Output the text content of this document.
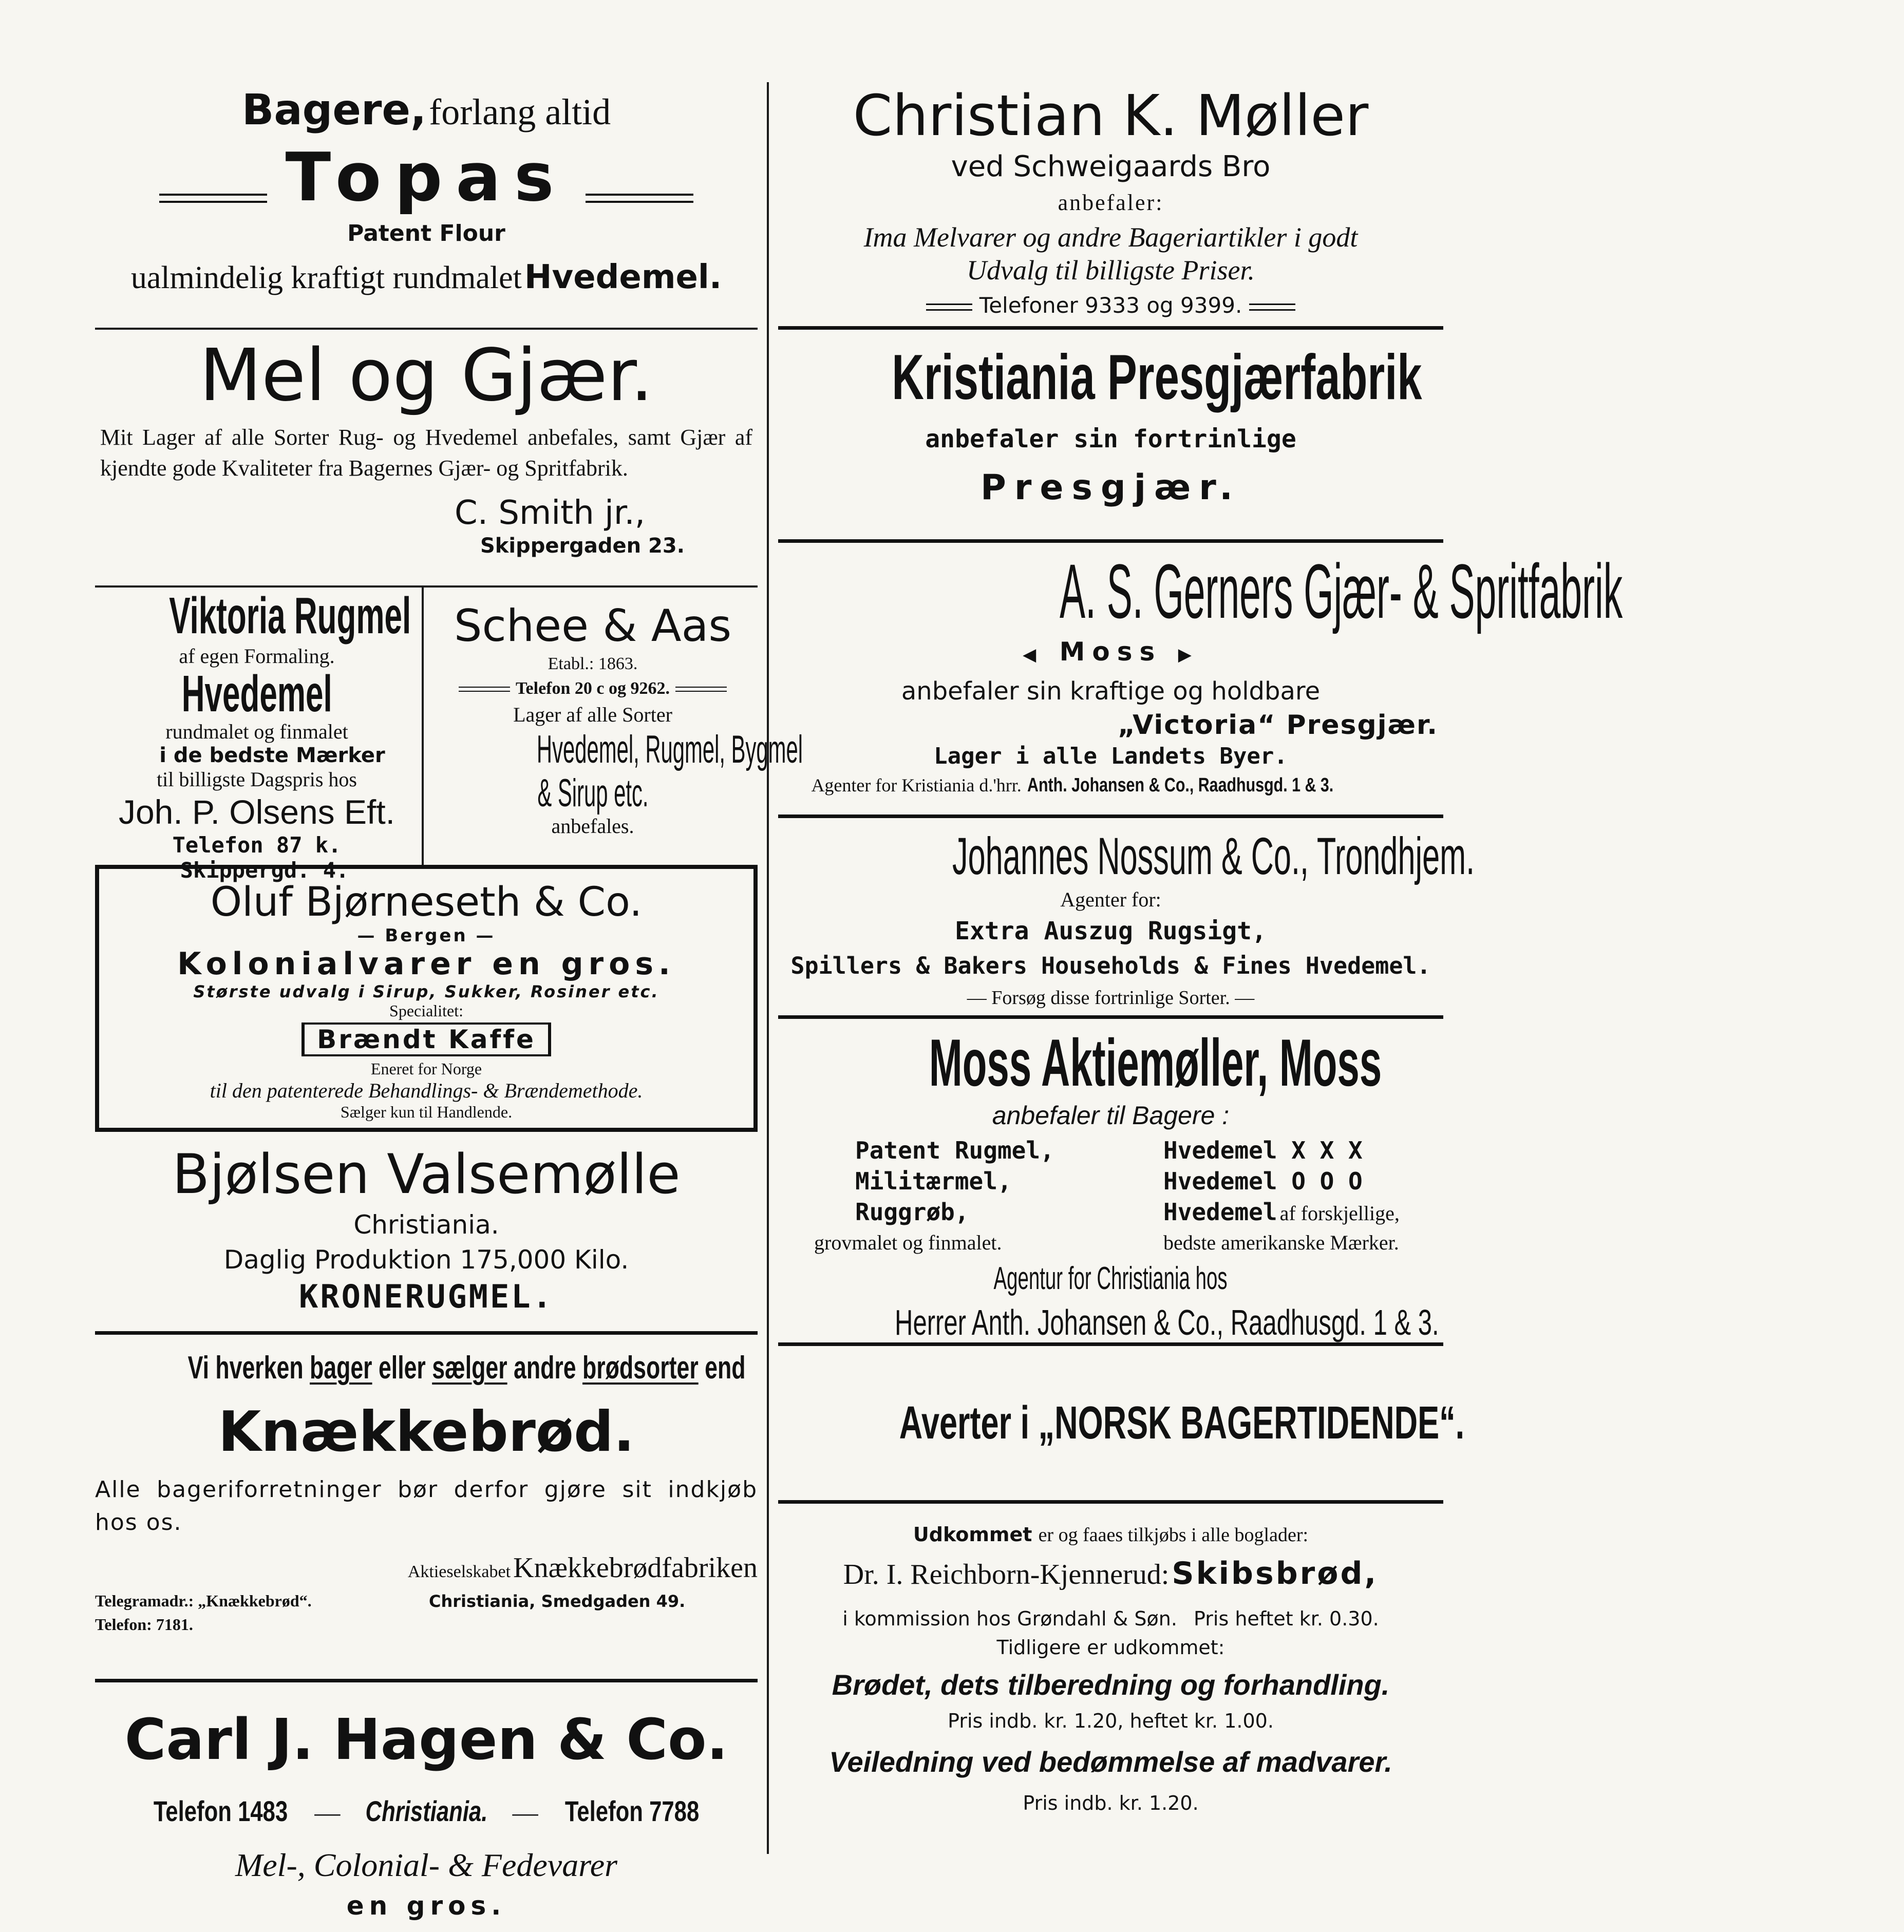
Bagere, forlang altid
Topas
Patent Flour
ualmindelig kraftigt rundmalet Hvedemel.
Mel og Gjær.

Mit Lager af alle Sorter Rug- og Hvedemel anbefales, samt Gjær af kjendte gode Kvaliteter fra Bagernes Gjær- og Spritfabrik.

C. Smith jr.,
Skippergaden 23.
Viktoria Rugmel
af egen Formaling.
Hvedemel
rundmalet og finmalet
i de bedste Mærker
til billigste Dagspris hos
Joh. P. Olsens Eft.
Telefon 87 k. Skippergd. 4.
Schee & Aas
Etabl.: 1863.
Telefon 20 c og 9262.
Lager af alle Sorter
Hvedemel, Rugmel, Bygmel
& Sirup etc.
anbefales.
Oluf Bjørneseth & Co.
— Bergen —
Kolonialvarer en gros.
Største udvalg i Sirup, Sukker, Rosiner etc.
Specialitet:
Brændt Kaffe
Eneret for Norge
til den patenterede Behandlings- & Brændemethode.
Sælger kun til Handlende.
Bjølsen Valsemølle
Christiania.
Daglig Produktion 175,000 Kilo.
KRONERUGMEL.
Vi hverken bager eller sælger andre brødsorter end
Knækkebrød.

Alle bageriforretninger bør derfor gjøre sit indkjøb hos os.

Aktieselskabet Knækkebrødfabriken
Telegramadr.: „Knækkebrød“.	Christiania, Smedgaden 49.
Telefon: 7181.
Carl J. Hagen & Co.
Telefon 1483 — Christiania. — Telefon 7788
Mel-, Colonial- & Fedevarer
en gros.
Christian K. Møller
ved Schweigaards Bro
anbefaler:
Ima Melvarer og andre Bageriartikler i godt
Udvalg til billigste Priser.
Telefoner 9333 og 9399.
Kristiania Presgjærfabrik
anbefaler sin fortrinlige
Presgjær.
A. S. Gerners Gjær- & Spritfabrik
◀ Moss ▶
anbefaler sin kraftige og holdbare
„Victoria“ Presgjær.
Lager i alle Landets Byer.
Agenter for Kristiania d.'hrr. Anth. Johansen & Co., Raadhusgd. 1 & 3.
Johannes Nossum & Co., Trondhjem.
Agenter for:
Extra Auszug Rugsigt,
Spillers & Bakers Households & Fines Hvedemel.
— Forsøg disse fortrinlige Sorter. —
Moss Aktiemøller, Moss
anbefaler til Bagere :
Patent Rugmel,
Militærmel,
Ruggrøb,
grovmalet og finmalet.
Hvedemel X X X
Hvedemel O O O
Hvedemel af forskjellige,
bedste amerikanske Mærker.
Agentur for Christiania hos
Herrer Anth. Johansen & Co., Raadhusgd. 1 & 3.
Averter i „NORSK BAGERTIDENDE“.
Udkommet er og faaes tilkjøbs i alle boglader:
Dr. I. Reichborn-Kjennerud: Skibsbrød,
i kommission hos Grøndahl & Søn. Pris heftet kr. 0.30.
Tidligere er udkommet:
Brødet, dets tilberedning og forhandling.
Pris indb. kr. 1.20, heftet kr. 1.00.
Veiledning ved bedømmelse af madvarer.
Pris indb. kr. 1.20.
